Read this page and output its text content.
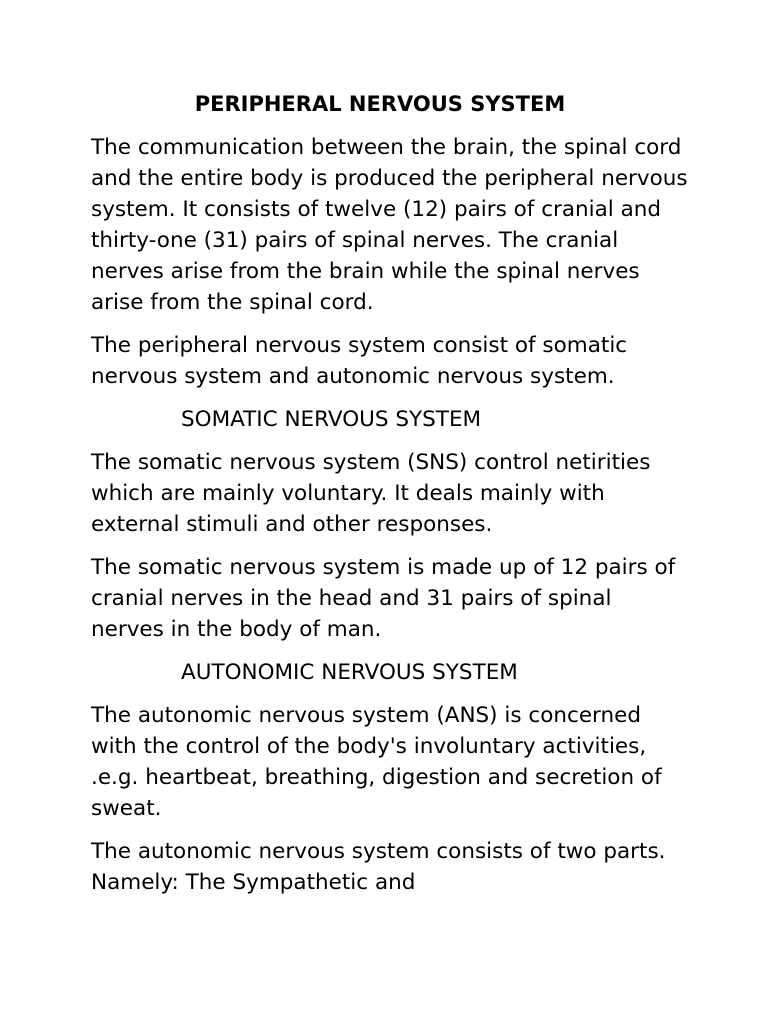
PERIPHERAL NERVOUS SYSTEM

The communication between the brain, the spinal cord and the entire body is produced the peripheral nervous system. It consists of twelve (12) pairs of cranial and thirty-one (31) pairs of spinal nerves. The cranial nerves arise from the brain while the spinal nerves arise from the spinal cord.

The peripheral nervous system consist of somatic nervous system and autonomic nervous system.

SOMATIC NERVOUS SYSTEM

The somatic nervous system (SNS) control netirities which are mainly voluntary. It deals mainly with external stimuli and other responses.

The somatic nervous system is made up of 12 pairs of cranial nerves in the head and 31 pairs of spinal nerves in the body of man.

AUTONOMIC NERVOUS SYSTEM

The autonomic nervous system (ANS) is concerned with the control of the body's involuntary activities, .e.g. heartbeat, breathing, digestion and secretion of sweat.

The autonomic nervous system consists of two parts. Namely: The Sympathetic and
